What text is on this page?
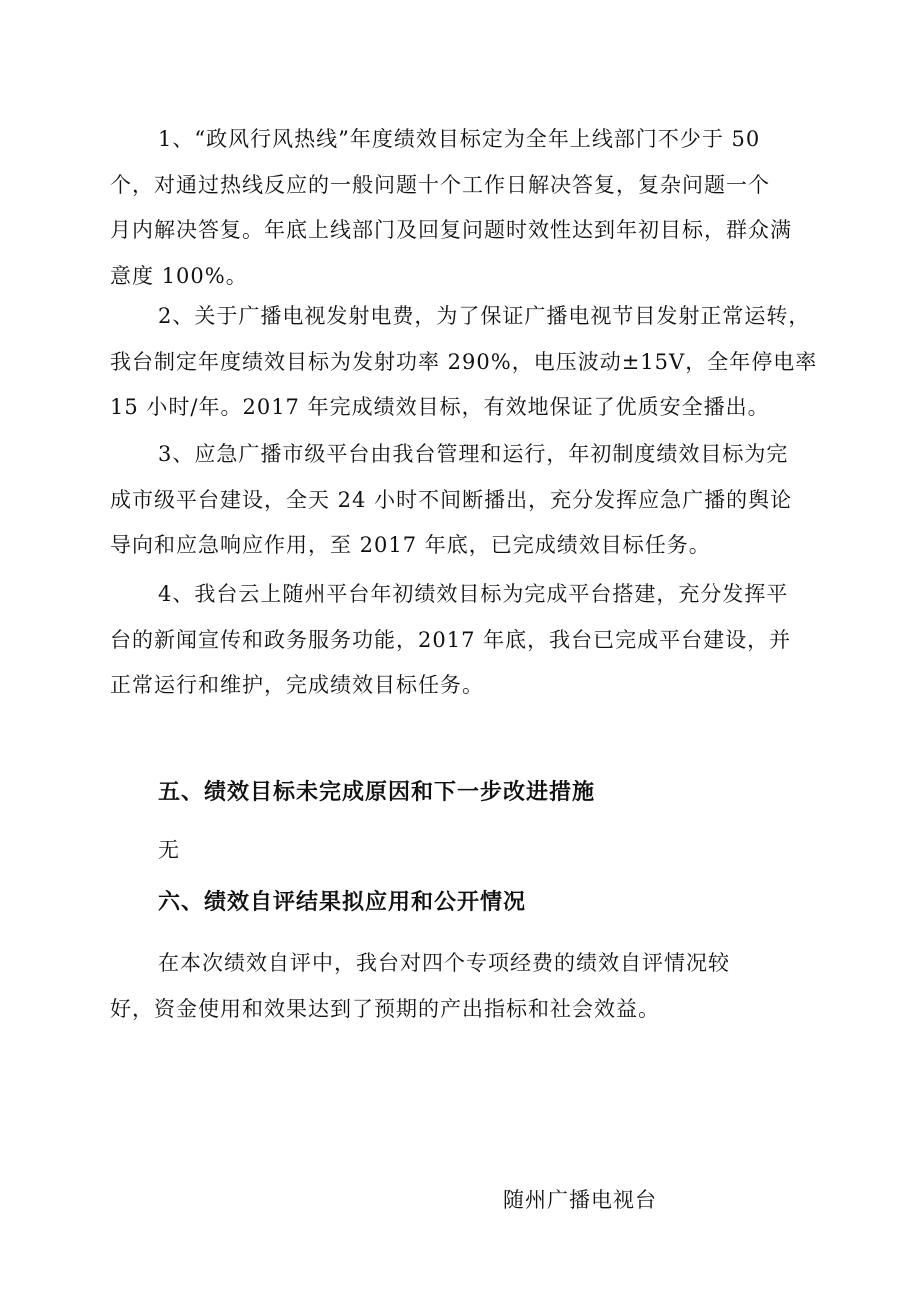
1、“政风行风热线”年度绩效目标定为全年上线部门不少于 50
个，对通过热线反应的一般问题十个工作日解决答复，复杂问题一个
月内解决答复。年底上线部门及回复问题时效性达到年初目标，群众满
意度 100%。
2、关于广播电视发射电费，为了保证广播电视节目发射正常运转，
我台制定年度绩效目标为发射功率 290%，电压波动±15V，全年停电率
15 小时/年。2017 年完成绩效目标，有效地保证了优质安全播出。
3、应急广播市级平台由我台管理和运行，年初制度绩效目标为完
成市级平台建设，全天 24 小时不间断播出，充分发挥应急广播的舆论
导向和应急响应作用，至 2017 年底，已完成绩效目标任务。
4、我台云上随州平台年初绩效目标为完成平台搭建，充分发挥平
台的新闻宣传和政务服务功能，2017 年底，我台已完成平台建设，并
正常运行和维护，完成绩效目标任务。
五、绩效目标未完成原因和下一步改进措施

无

六、绩效自评结果拟应用和公开情况
在本次绩效自评中，我台对四个专项经费的绩效自评情况较
好，资金使用和效果达到了预期的产出指标和社会效益。

随州广播电视台
